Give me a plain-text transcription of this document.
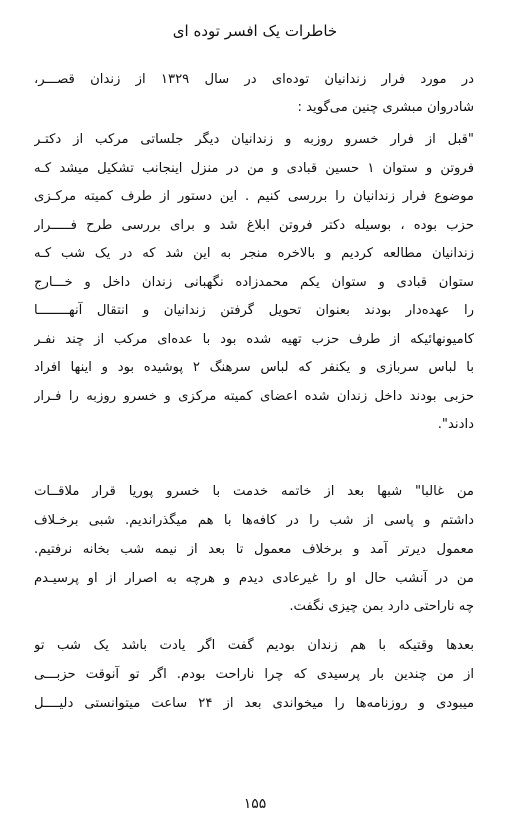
خاطرات یک افسر توده ای
در مورد فرار زندانیان توده‌ای در سال ۱۳۲۹ از زندان قصـــر،
شادروان مبشری چنین می‌گوید :
"قبل از فرار خسرو روزبه و زندانیان دیگر جلساتی مرکب از دکتـر
فروتن و ستوان ۱ حسین قبادی و من در منزل اینجانب تشکیل میشد کـه
موضوع فرار زندانیان را بررسی کنیم . این دستور از طرف کمیته مرکـزی
حزب بوده ، بوسیله دکتر فروتن ابلاغ شد و برای بررسی طرح فـــــرار
زندانیان مطالعه کردیم و بالاخره منجر به این شد که در یک شب کـه
ستوان قبادی و ستوان یکم محمدزاده نگهبانی زندان داخل و خـــارج
را عهده‌دار بودند بعنوان تحویل گرفتن زندانیان و انتقال آنهــــــــا
کامیونهائیکه از طرف حزب تهیه شده بود با عده‌ای مرکب از چند نفـر
با لباس سربازی و یکنفر که لباس سرهنگ ۲ پوشیده بود و اینها افراد
حزبی بودند داخل زندان شده اعضای کمیته مرکزی و خسرو روزبه را فـرار
دادند".
من غالبا" شبها بعد از خاتمه خدمت با خسرو پوریا قرار ملاقــات
داشتم و پاسی از شب را در کافه‌ها با هم میگذراندیم. شبی برخـلاف
معمول دیرتر آمد و برخلاف معمول تا بعد از نیمه شب بخانه نرفتیم.
من در آنشب حال او را غیرعادی دیدم و هرچه به اصرار از او پرسیـدم
چه ناراحتی دارد بمن چیزی نگفت.
بعدها وقتیکه با هم زندان بودیم گفت اگر یادت باشد یک شب تو
از من چندین بار پرسیدی که چرا ناراحت بودم. اگر تو آنوقت حزبـــی
میبودی و روزنامه‌ها را میخواندی بعد از ۲۴ ساعت میتوانستی دلیــــل
۱۵۵
